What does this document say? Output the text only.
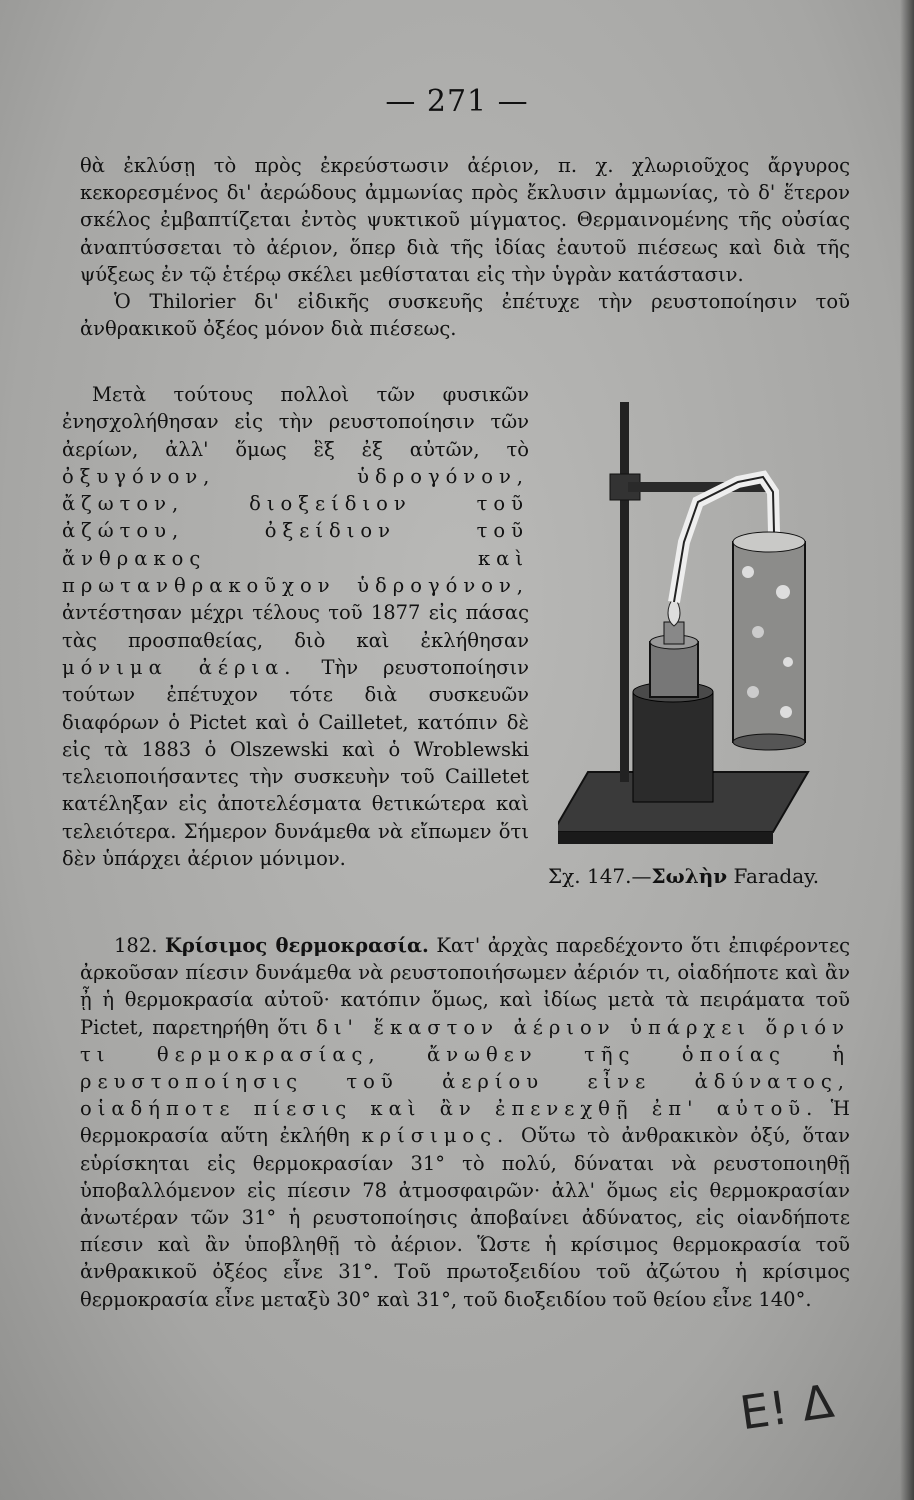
— 271 —

θὰ ἐκλύσῃ τὸ πρὸς ἐκρεύστωσιν ἀέριον, π. χ. χλωριοῦχος ἄργυρος κεκορεσμένος δι' ἀερώδους ἀμμωνίας πρὸς ἔκλυσιν ἀμμωνίας, τὸ δ' ἕτερον σκέλος ἐμβαπτίζεται ἐντὸς ψυκτικοῦ μίγματος. Θερμαινομένης τῆς οὐσίας ἀναπτύσσεται τὸ ἀέριον, ὅπερ διὰ τῆς ἰδίας ἑαυτοῦ πιέσεως καὶ διὰ τῆς ψύξεως ἐν τῷ ἑτέρῳ σκέλει μεθίσταται εἰς τὴν ὑγρὰν κατάστασιν.

Ὁ Thilorier δι' εἰδικῆς συσκευῆς ἐπέτυχε τὴν ρευστοποίησιν τοῦ ἀνθρακικοῦ ὀξέος μόνον διὰ πιέσεως.

Μετὰ τούτους πολλοὶ τῶν φυσικῶν ἐνησχολήθησαν εἰς τὴν ρευστοποίησιν τῶν ἀερίων, ἀλλ' ὅμως ἓξ ἐξ αὐτῶν, τὸ ὀξυγόνον, ὑδρογόνον, ἄζωτον, διοξείδιον τοῦ ἀζώτου, ὀξείδιον τοῦ ἄνθρακος καὶ πρωτανθρακοῦχον ὑδρογόνον, ἀντέστησαν μέχρι τέλους τοῦ 1877 εἰς πάσας τὰς προσπαθείας, διὸ καὶ ἐκλήθησαν μόνιμα ἀέρια. Τὴν ρευστοποίησιν τούτων ἐπέτυχον τότε διὰ συσκευῶν διαφόρων ὁ Pictet καὶ ὁ Cailletet, κατόπιν δὲ εἰς τὰ 1883 ὁ Olszewski καὶ ὁ Wroblewski τελειοποιήσαντες τὴν συσκευὴν τοῦ Cailletet κατέληξαν εἰς ἀποτελέσματα θετικώτερα καὶ τελειότερα. Σήμερον δυνάμεθα νὰ εἴπωμεν ὅτι δὲν ὑπάρχει ἀέριον μόνιμον.

Σχ. 147.—Σωλὴν Faraday.

182. Κρίσιμος θερμοκρασία. Κατ' ἀρχὰς παρεδέχοντο ὅτι ἐπιφέροντες ἀρκοῦσαν πίεσιν δυνάμεθα νὰ ρευστοποιήσωμεν ἀέριόν τι, οἱαδήποτε καὶ ἂν ᾖ ἡ θερμοκρασία αὐτοῦ· κατόπιν ὅμως, καὶ ἰδίως μετὰ τὰ πειράματα τοῦ Pictet, παρετηρήθη ὅτι δι' ἕκαστον ἀέριον ὑπάρχει ὅριόν τι θερμοκρασίας, ἄνωθεν τῆς ὁποίας ἡ ρευστοποίησις τοῦ ἀερίου εἶνε ἀδύνατος, οἱαδήποτε πίεσις καὶ ἂν ἐπενεχθῇ ἐπ' αὐτοῦ. Ἡ θερμοκρασία αὕτη ἐκλήθη κρίσιμος. Οὕτω τὸ ἀνθρακικὸν ὀξύ, ὅταν εὑρίσκηται εἰς θερμοκρασίαν 31° τὸ πολύ, δύναται νὰ ρευστοποιηθῇ ὑποβαλλόμενον εἰς πίεσιν 78 ἀτμοσφαιρῶν· ἀλλ' ὅμως εἰς θερμοκρασίαν ἀνωτέραν τῶν 31° ἡ ρευστοποίησις ἀποβαίνει ἀδύνατος, εἰς οἱανδήποτε πίεσιν καὶ ἂν ὑποβληθῇ τὸ ἀέριον. Ὥστε ἡ κρίσιμος θερμοκρασία τοῦ ἀνθρακικοῦ ὀξέος εἶνε 31°. Τοῦ πρωτοξειδίου τοῦ ἀζώτου ἡ κρίσιμος θερμοκρασία εἶνε μεταξὺ 30° καὶ 31°, τοῦ διοξειδίου τοῦ θείου εἶνε 140°.

Ε! Δ
